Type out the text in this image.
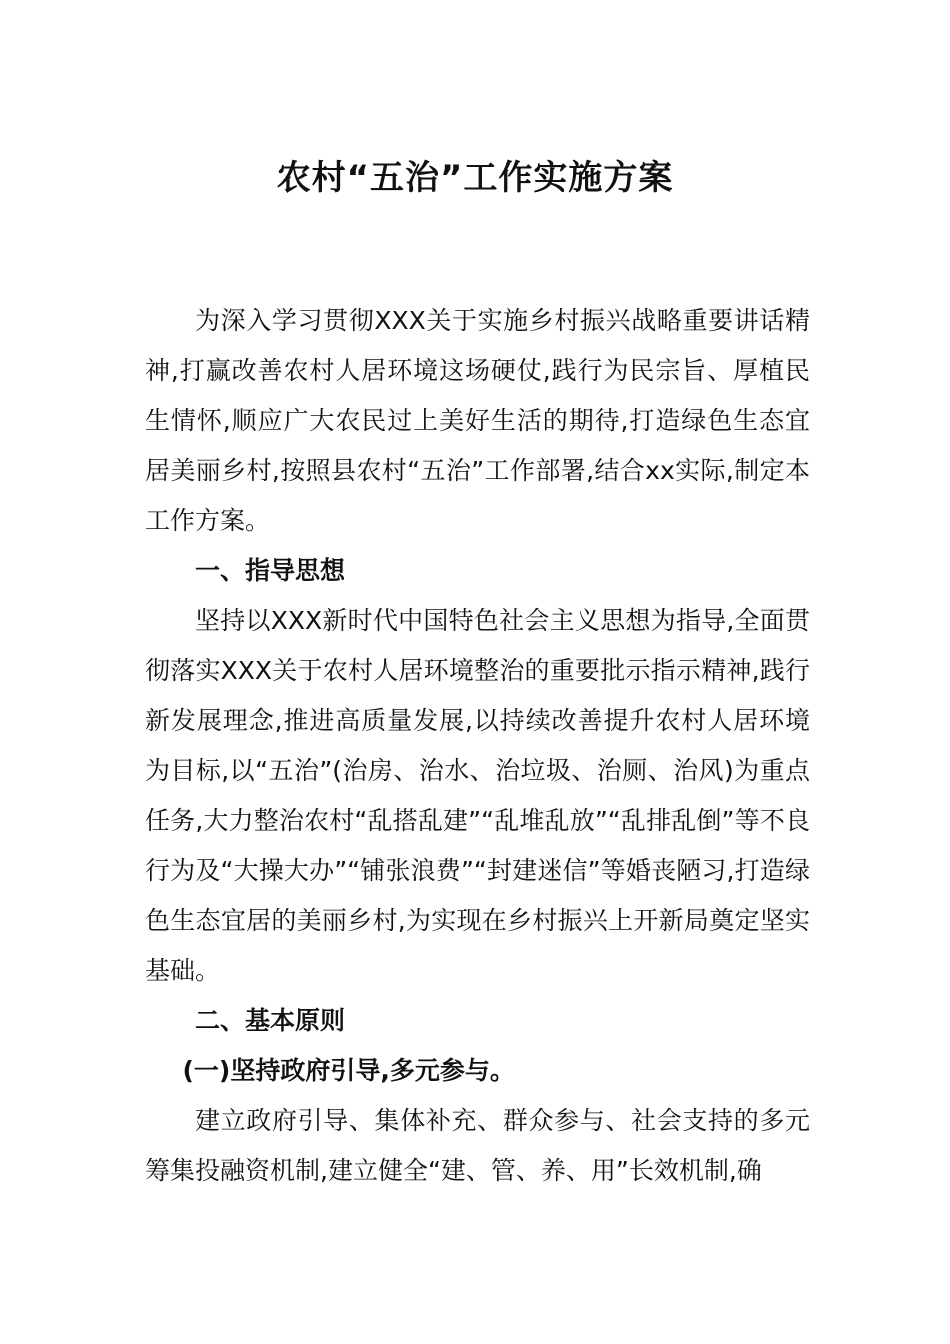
农村“五治”工作实施方案

为深入学习贯彻XXX关于实施乡村振兴战略重要讲话精神,打赢改善农村人居环境这场硬仗,践行为民宗旨、厚植民生情怀,顺应广大农民过上美好生活的期待,打造绿色生态宜居美丽乡村,按照县农村“五治”工作部署,结合xx实际,制定本工作方案。

一、指导思想

坚持以XXX新时代中国特色社会主义思想为指导,全面贯彻落实XXX关于农村人居环境整治的重要批示指示精神,践行新发展理念,推进高质量发展,以持续改善提升农村人居环境为目标,以“五治”(治房、治水、治垃圾、治厕、治风)为重点任务,大力整治农村“乱搭乱建”“乱堆乱放”“乱排乱倒”等不良行为及“大操大办”“铺张浪费”“封建迷信”等婚丧陋习,打造绿色生态宜居的美丽乡村,为实现在乡村振兴上开新局奠定坚实基础。

二、基本原则

(一)坚持政府引导,多元参与。

建立政府引导、集体补充、群众参与、社会支持的多元筹集投融资机制,建立健全“建、管、养、用”长效机制,确
